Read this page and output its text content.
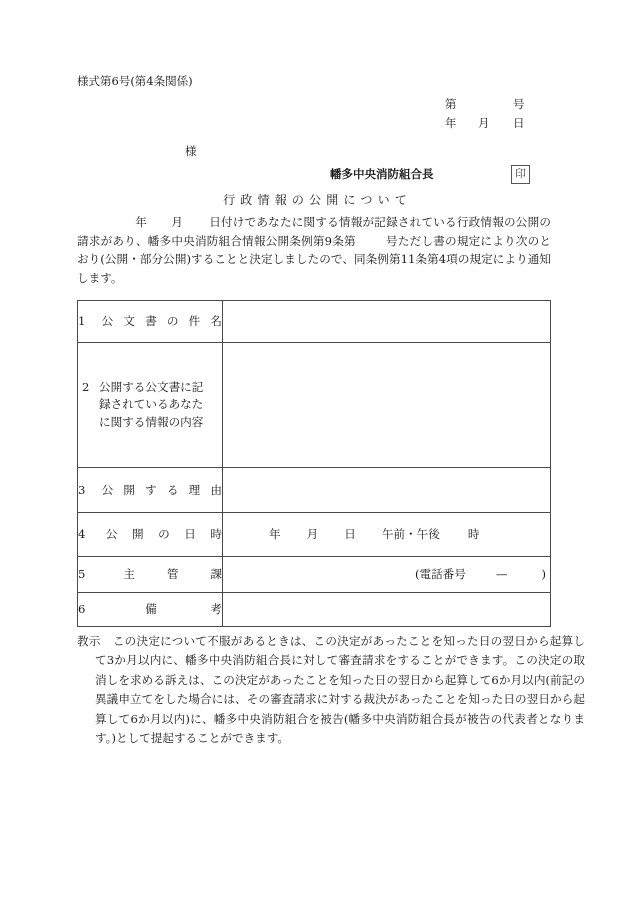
様式第6号(第4条関係)
第	号
年 月 日
様
幡多中央消防組合長	印
行政情報の公開について
年 月 日付けであなたに関する情報が記録されている行政情報の公開の請求があり、幡多中央消防組合情報公開条例第9条第	号ただし書の規定により次のとおり(公開・部分公開)することと決定しましたので、同条例第11条第4項の規定により通知します。
1 公文書の件名	

2 公開する公文書に記
録されているあなた
に関する情報の内容	

3 公開する理由	

4 公開の日時	年 月 日 午前・午後 時

5 主管課	(電話番号 — )

6 備考	

教示 この決定について不服があるときは、この決定があったことを知った日の翌日から起算して3か月以内に、幡多中央消防組合長に対して審査請求をすることができます。この決定の取消しを求める訴えは、この決定があったことを知った日の翌日から起算して6か月以内(前記の異議申立てをした場合には、その審査請求に対する裁決があったことを知った日の翌日から起算して6か月以内)に、幡多中央消防組合を被告(幡多中央消防組合長が被告の代表者となります。)として提起することができます。
